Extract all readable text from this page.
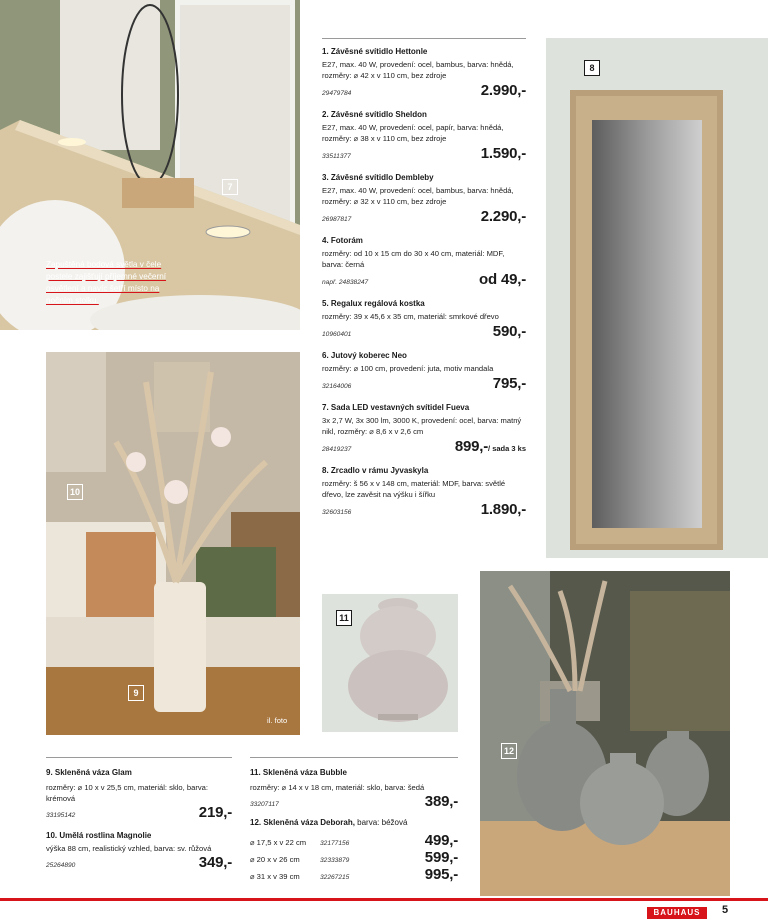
7
Zapuštěná bodová světla v čele postele zajišťují příjemné večerní osvětlení a navíc šetří místo na nočním stolku.
1. Závěsné svítidlo Hettonle
E27, max. 40 W, provedení: ocel, bambus, barva: hnědá, rozměry: ⌀ 42 x v 110 cm, bez zdroje
29479784	2.990,-
2. Závěsné svítidlo Sheldon
E27, max. 40 W, provedení: ocel, papír, barva: hnědá, rozměry: ⌀ 38 x v 110 cm, bez zdroje
33511377	1.590,-
3. Závěsné svítidlo Dembleby
E27, max. 40 W, provedení: ocel, bambus, barva: hnědá, rozměry: ⌀ 32 x v 110 cm, bez zdroje
26987817	2.290,-
4. Fotorám
rozměry: od 10 x 15 cm do 30 x 40 cm, materiál: MDF, barva: černá
např. 24838247	od 49,-
5. Regalux regálová kostka
rozměry: 39 x 45,6 x 35 cm, materiál: smrkové dřevo
10960401	590,-
6. Jutový koberec Neo
rozměry: ⌀ 100 cm, provedení: juta, motiv mandala
32164006	795,-
7. Sada LED vestavných svítidel Fueva
3x 2,7 W, 3x 300 lm, 3000 K, provedení: ocel, barva: matný nikl, rozměry: ⌀ 8,6 x v 2,6 cm
28419237	899,-/ sada 3 ks
8. Zrcadlo v rámu Jyvaskyla
rozměry: š 56 x v 148 cm, materiál: MDF, barva: světlé dřevo, lze zavěsit na výšku i šířku
32603156	1.890,-
8
10
9
il. foto
11
12
9. Skleněná váza Glam
rozměry: ⌀ 10 x v 25,5 cm, materiál: sklo, barva: krémová
33195142	219,-
10. Umělá rostlina Magnolie
výška 88 cm, realistický vzhled, barva: sv. růžová
25264890	349,-
11. Skleněná váza Bubble
rozměry: ⌀ 14 x v 18 cm, materiál: sklo, barva: šedá
33207117	389,-
12. Skleněná váza Deborah, barva: béžová
⌀ 17,5 x v 22 cm	32177156	499,-
⌀ 20 x v 26 cm	32333879	599,-
⌀ 31 x v 39 cm	32267215	995,-
BAUHAUS	5
